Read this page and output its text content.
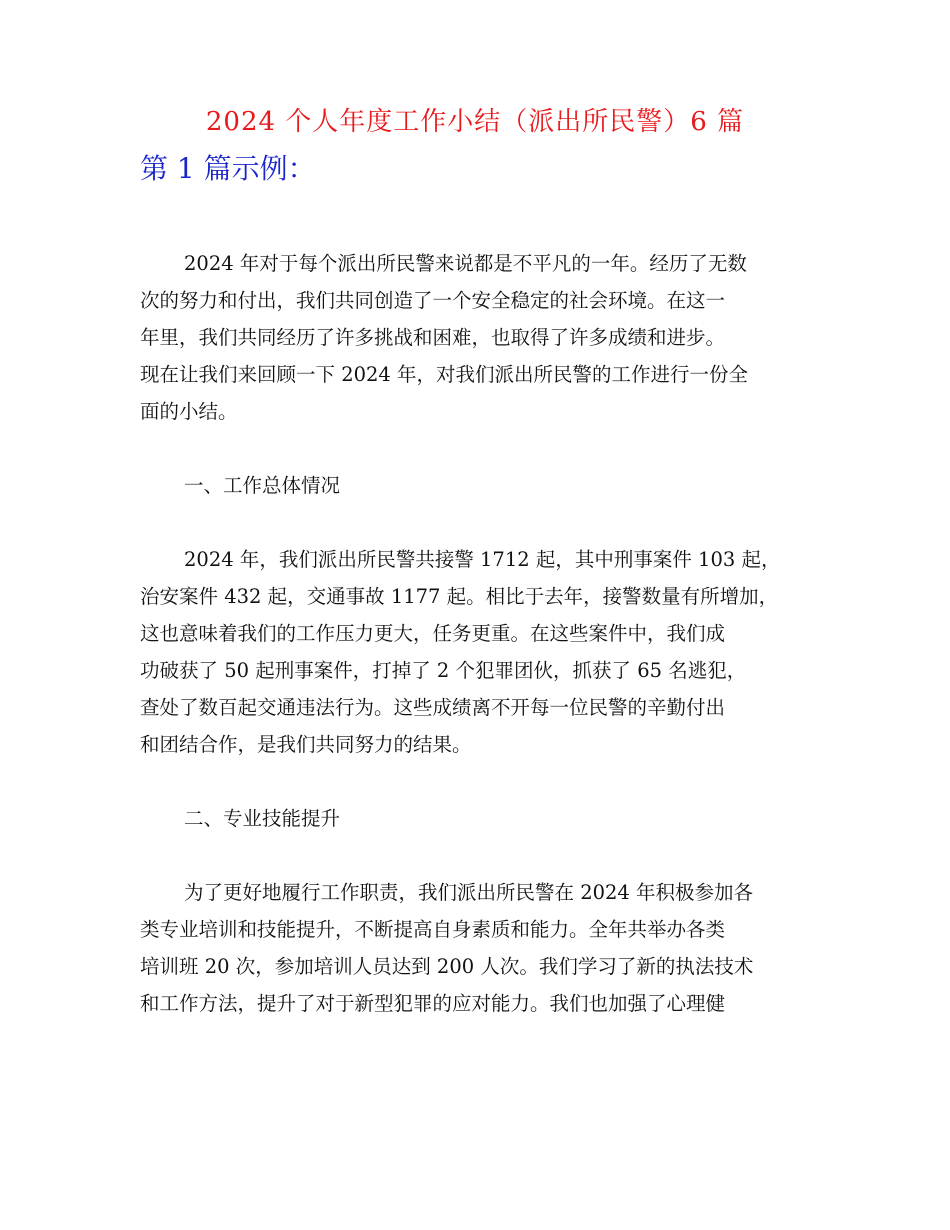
2024 个人年度工作小结（派出所民警）6 篇
第 1 篇示例：
2024 年对于每个派出所民警来说都是不平凡的一年。经历了无数
次的努力和付出，我们共同创造了一个安全稳定的社会环境。在这一
年里，我们共同经历了许多挑战和困难，也取得了许多成绩和进步。
现在让我们来回顾一下 2024 年，对我们派出所民警的工作进行一份全
面的小结。
一、工作总体情况
2024 年，我们派出所民警共接警 1712 起，其中刑事案件 103 起，
治安案件 432 起，交通事故 1177 起。相比于去年，接警数量有所增加，
这也意味着我们的工作压力更大，任务更重。在这些案件中，我们成
功破获了 50 起刑事案件，打掉了 2 个犯罪团伙，抓获了 65 名逃犯，
查处了数百起交通违法行为。这些成绩离不开每一位民警的辛勤付出
和团结合作，是我们共同努力的结果。
二、专业技能提升
为了更好地履行工作职责，我们派出所民警在 2024 年积极参加各
类专业培训和技能提升，不断提高自身素质和能力。全年共举办各类
培训班 20 次，参加培训人员达到 200 人次。我们学习了新的执法技术
和工作方法，提升了对于新型犯罪的应对能力。我们也加强了心理健
